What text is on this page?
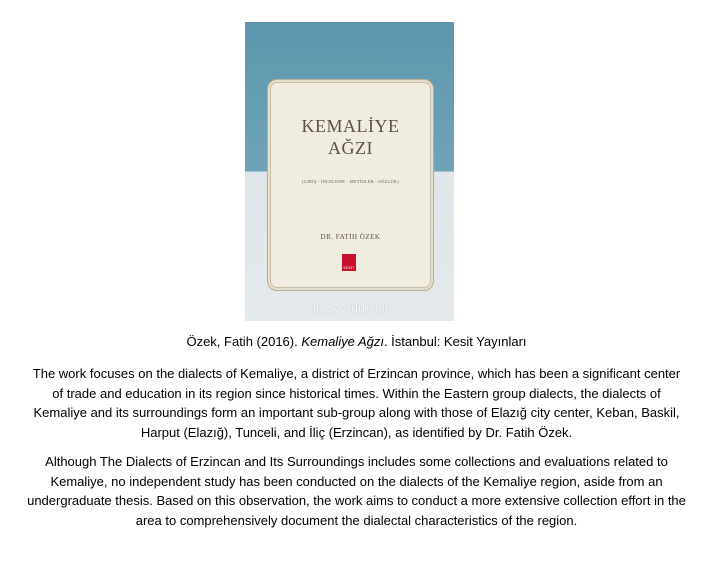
KEMALİYE
AĞZI
(GİRİŞ - İNCELEME - METİNLER - SÖZLÜK)
DR. FATİH ÖZEK
KESİT
kitapyurdu.com
Özek, Fatih (2016). Kemaliye Ağzı. İstanbul: Kesit Yayınları

The work focuses on the dialects of Kemaliye, a district of Erzincan province, which has been a significant center of trade and education in its region since historical times. Within the Eastern group dialects, the dialects of Kemaliye and its surroundings form an important sub-group along with those of Elazığ city center, Keban, Baskil, Harput (Elazığ), Tunceli, and İliç (Erzincan), as identified by Dr. Fatih Özek.

Although The Dialects of Erzincan and Its Surroundings includes some collections and evaluations related to Kemaliye, no independent study has been conducted on the dialects of the Kemaliye region, aside from an undergraduate thesis. Based on this observation, the work aims to conduct a more extensive collection effort in the area to comprehensively document the dialectal characteristics of the region.
